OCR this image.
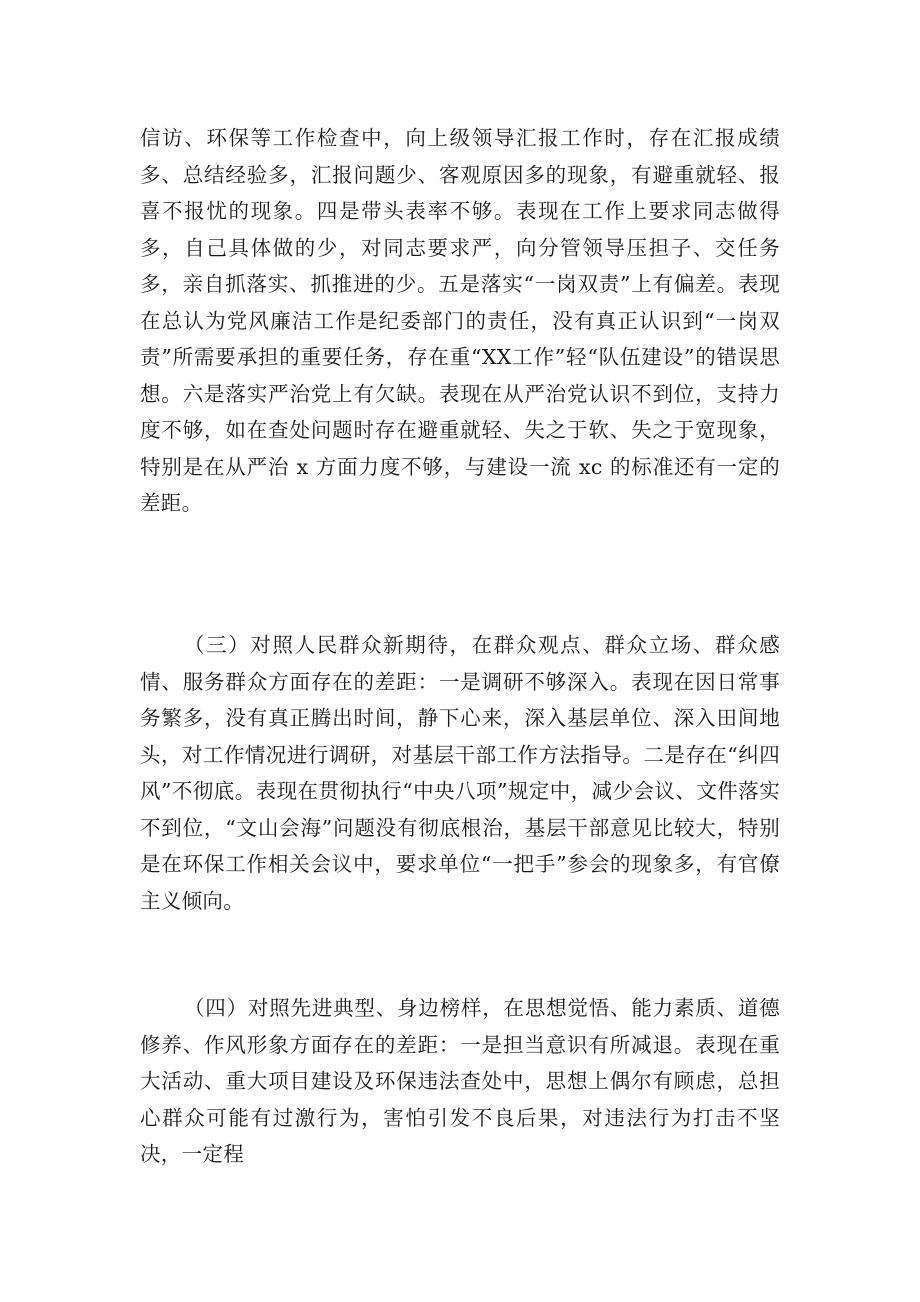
信访、环保等工作检查中，向上级领导汇报工作时，存在汇报成绩多、总结经验多，汇报问题少、客观原因多的现象，有避重就轻、报喜不报忧的现象。四是带头表率不够。表现在工作上要求同志做得多，自己具体做的少，对同志要求严，向分管领导压担子、交任务多，亲自抓落实、抓推进的少。五是落实“一岗双责”上有偏差。表现在总认为党风廉洁工作是纪委部门的责任，没有真正认识到“一岗双责”所需要承担的重要任务，存在重“XX工作”轻“队伍建设”的错误思想。六是落实严治党上有欠缺。表现在从严治党认识不到位，支持力度不够，如在查处问题时存在避重就轻、失之于软、失之于宽现象，特别是在从严治 x 方面力度不够，与建设一流 xc 的标准还有一定的差距。

（三）对照人民群众新期待，在群众观点、群众立场、群众感情、服务群众方面存在的差距：一是调研不够深入。表现在因日常事务繁多，没有真正腾出时间，静下心来，深入基层单位、深入田间地头，对工作情况进行调研，对基层干部工作方法指导。二是存在“纠四风”不彻底。表现在贯彻执行“中央八项”规定中，减少会议、文件落实不到位，“文山会海”问题没有彻底根治，基层干部意见比较大，特别是在环保工作相关会议中，要求单位“一把手”参会的现象多，有官僚主义倾向。

（四）对照先进典型、身边榜样，在思想觉悟、能力素质、道德修养、作风形象方面存在的差距：一是担当意识有所减退。表现在重大活动、重大项目建设及环保违法查处中，思想上偶尔有顾虑，总担心群众可能有过激行为，害怕引发不良后果，对违法行为打击不坚决，一定程
